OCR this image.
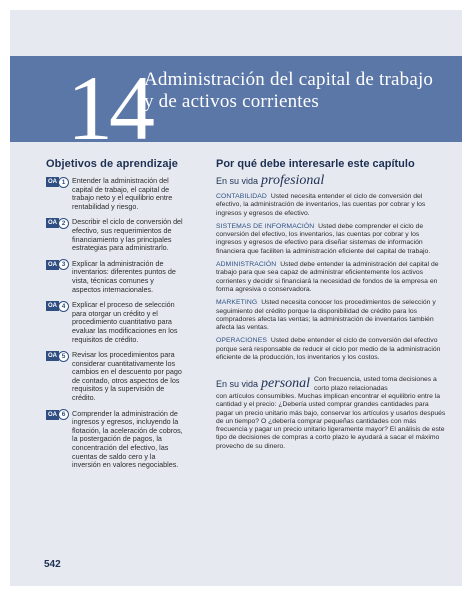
14
Administración del capital de trabajo y de activos corrientes
Objetivos de aprendizaje
OA 1 Entender la administración del capital de trabajo, el capital de trabajo neto y el equilibrio entre rentabilidad y riesgo.
OA 2 Describir el ciclo de conversión del efectivo, sus requerimientos de financiamiento y las principales estrategias para administrarlo.
OA 3 Explicar la administración de inventarios: diferentes puntos de vista, técnicas comunes y aspectos internacionales.
OA 4 Explicar el proceso de selección para otorgar un crédito y el procedimiento cuantitativo para evaluar las modificaciones en los requisitos de crédito.
OA 5 Revisar los procedimientos para considerar cuantitativamente los cambios en el descuento por pago de contado, otros aspectos de los requisitos y la supervisión de crédito.
OA 6 Comprender la administración de ingresos y egresos, incluyendo la flotación, la aceleración de cobros, la postergación de pagos, la concentración del efectivo, las cuentas de saldo cero y la inversión en valores negociables.
Por qué debe interesarle este capítulo
En su vida profesional

CONTABILIDAD Usted necesita entender el ciclo de conversión del efectivo, la administración de inventarios, las cuentas por cobrar y los ingresos y egresos de efectivo.

SISTEMAS DE INFORMACIÓN Usted debe comprender el ciclo de conversión del efectivo, los inventarios, las cuentas por cobrar y los ingresos y egresos de efectivo para diseñar sistemas de información financiera que faciliten la administración eficiente del capital de trabajo.

ADMINISTRACIÓN Usted debe entender la administración del capital de trabajo para que sea capaz de administrar eficientemente los activos corrientes y decidir si financiará la necesidad de fondos de la empresa en forma agresiva o conservadora.

MARKETING Usted necesita conocer los procedimientos de selección y seguimiento del crédito porque la disponibilidad de crédito para los compradores afecta las ventas; la administración de inventarios también afecta las ventas.

OPERACIONES Usted debe entender el ciclo de conversión del efectivo porque será responsable de reducir el ciclo por medio de la administración eficiente de la producción, los inventarios y los costos.

En su vida personal Con frecuencia, usted toma decisiones a corto plazo relacionadas

con artículos consumibles. Muchas implican encontrar el equilibrio entre la cantidad y el precio: ¿Debería usted comprar grandes cantidades para pagar un precio unitario más bajo, conservar los artículos y usarlos después de un tiempo? O ¿debería comprar pequeñas cantidades con más frecuencia y pagar un precio unitario ligeramente mayor? El análisis de este tipo de decisiones de compras a corto plazo le ayudará a sacar el máximo provecho de su dinero.

542
